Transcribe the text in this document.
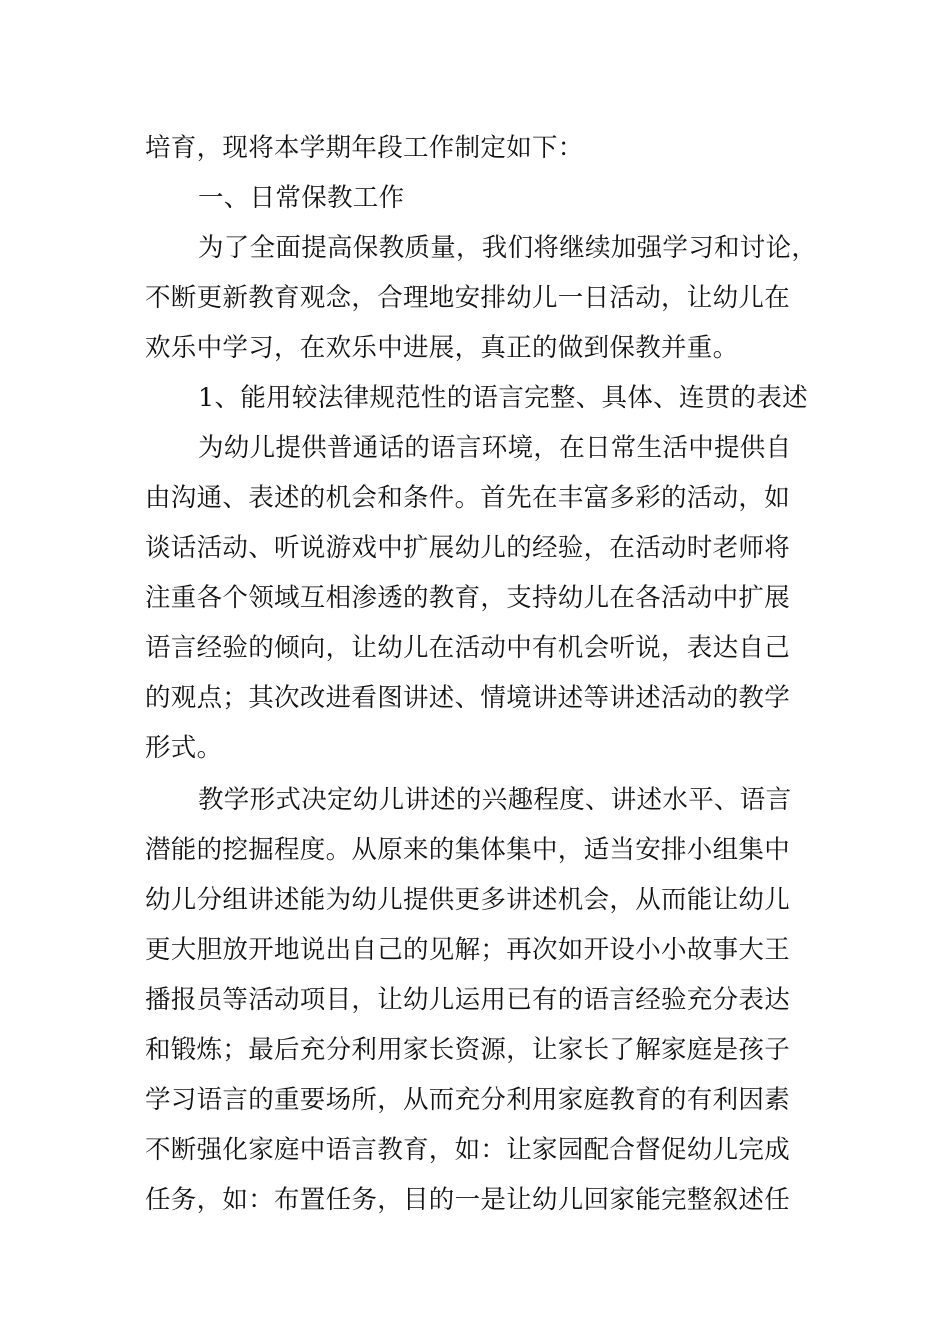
培育，现将本学期年段工作制定如下：
一、日常保教工作
为了全面提高保教质量，我们将继续加强学习和讨论，
不断更新教育观念，合理地安排幼儿一日活动，让幼儿在
欢乐中学习，在欢乐中进展，真正的做到保教并重。
1、能用较法律规范性的语言完整、具体、连贯的表述
为幼儿提供普通话的语言环境，在日常生活中提供自
由沟通、表述的机会和条件。首先在丰富多彩的活动，如
谈话活动、听说游戏中扩展幼儿的经验，在活动时老师将
注重各个领域互相渗透的教育，支持幼儿在各活动中扩展
语言经验的倾向，让幼儿在活动中有机会听说，表达自己
的观点；其次改进看图讲述、情境讲述等讲述活动的教学
形式。
教学形式决定幼儿讲述的兴趣程度、讲述水平、语言
潜能的挖掘程度。从原来的集体集中，适当安排小组集中
幼儿分组讲述能为幼儿提供更多讲述机会，从而能让幼儿
更大胆放开地说出自己的见解；再次如开设小小故事大王
播报员等活动项目，让幼儿运用已有的语言经验充分表达
和锻炼；最后充分利用家长资源，让家长了解家庭是孩子
学习语言的重要场所，从而充分利用家庭教育的有利因素
不断强化家庭中语言教育，如：让家园配合督促幼儿完成
任务，如：布置任务，目的一是让幼儿回家能完整叙述任
